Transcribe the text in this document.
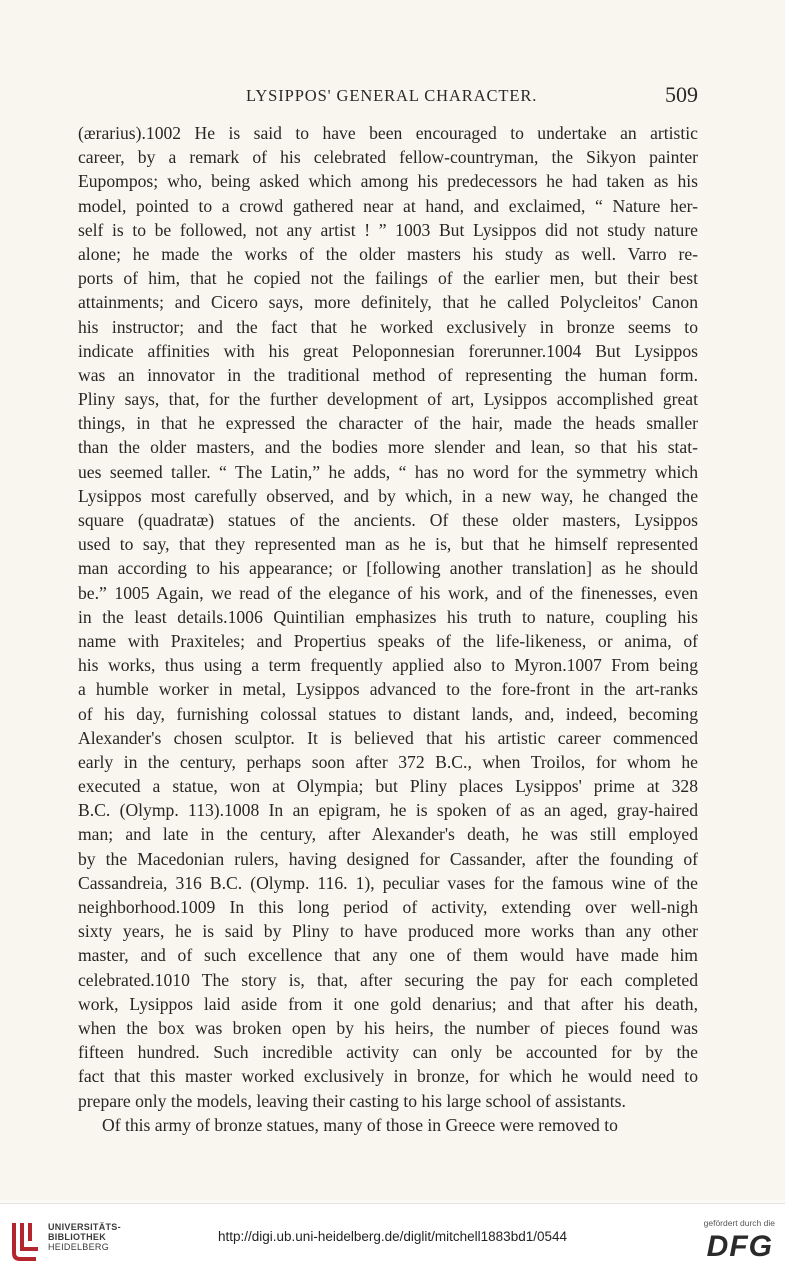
LYSIPPOS' GENERAL CHARACTER.	509
(ærarius).1002 He is said to have been encouraged to undertake an artistic
career, by a remark of his celebrated fellow-countryman, the Sikyon painter
Eupompos; who, being asked which among his predecessors he had taken as his
model, pointed to a crowd gathered near at hand, and exclaimed, “ Nature her-
self is to be followed, not any artist ! ” 1003 But Lysippos did not study nature
alone; he made the works of the older masters his study as well. Varro re-
ports of him, that he copied not the failings of the earlier men, but their best
attainments; and Cicero says, more definitely, that he called Polycleitos' Canon
his instructor; and the fact that he worked exclusively in bronze seems to
indicate affinities with his great Peloponnesian forerunner.1004 But Lysippos
was an innovator in the traditional method of representing the human form.
Pliny says, that, for the further development of art, Lysippos accomplished great
things, in that he expressed the character of the hair, made the heads smaller
than the older masters, and the bodies more slender and lean, so that his stat-
ues seemed taller. “ The Latin,” he adds, “ has no word for the symmetry which
Lysippos most carefully observed, and by which, in a new way, he changed the
square (quadratæ) statues of the ancients. Of these older masters, Lysippos
used to say, that they represented man as he is, but that he himself represented
man according to his appearance; or [following another translation] as he should
be.” 1005 Again, we read of the elegance of his work, and of the finenesses, even
in the least details.1006 Quintilian emphasizes his truth to nature, coupling his
name with Praxiteles; and Propertius speaks of the life-likeness, or anima, of
his works, thus using a term frequently applied also to Myron.1007 From being
a humble worker in metal, Lysippos advanced to the fore-front in the art-ranks
of his day, furnishing colossal statues to distant lands, and, indeed, becoming
Alexander's chosen sculptor. It is believed that his artistic career commenced
early in the century, perhaps soon after 372 B.C., when Troilos, for whom he
executed a statue, won at Olympia; but Pliny places Lysippos' prime at 328
B.C. (Olymp. 113).1008 In an epigram, he is spoken of as an aged, gray-haired
man; and late in the century, after Alexander's death, he was still employed
by the Macedonian rulers, having designed for Cassander, after the founding of
Cassandreia, 316 B.C. (Olymp. 116. 1), peculiar vases for the famous wine of the
neighborhood.1009 In this long period of activity, extending over well-nigh
sixty years, he is said by Pliny to have produced more works than any other
master, and of such excellence that any one of them would have made him
celebrated.1010 The story is, that, after securing the pay for each completed
work, Lysippos laid aside from it one gold denarius; and that after his death,
when the box was broken open by his heirs, the number of pieces found was
fifteen hundred. Such incredible activity can only be accounted for by the
fact that this master worked exclusively in bronze, for which he would need to
prepare only the models, leaving their casting to his large school of assistants.
Of this army of bronze statues, many of those in Greece were removed to
UNIVERSITÄTS-
BIBLIOTHEK
HEIDELBERG
http://digi.ub.uni-heidelberg.de/diglit/mitchell1883bd1/0544
gefördert durch die
DFG
